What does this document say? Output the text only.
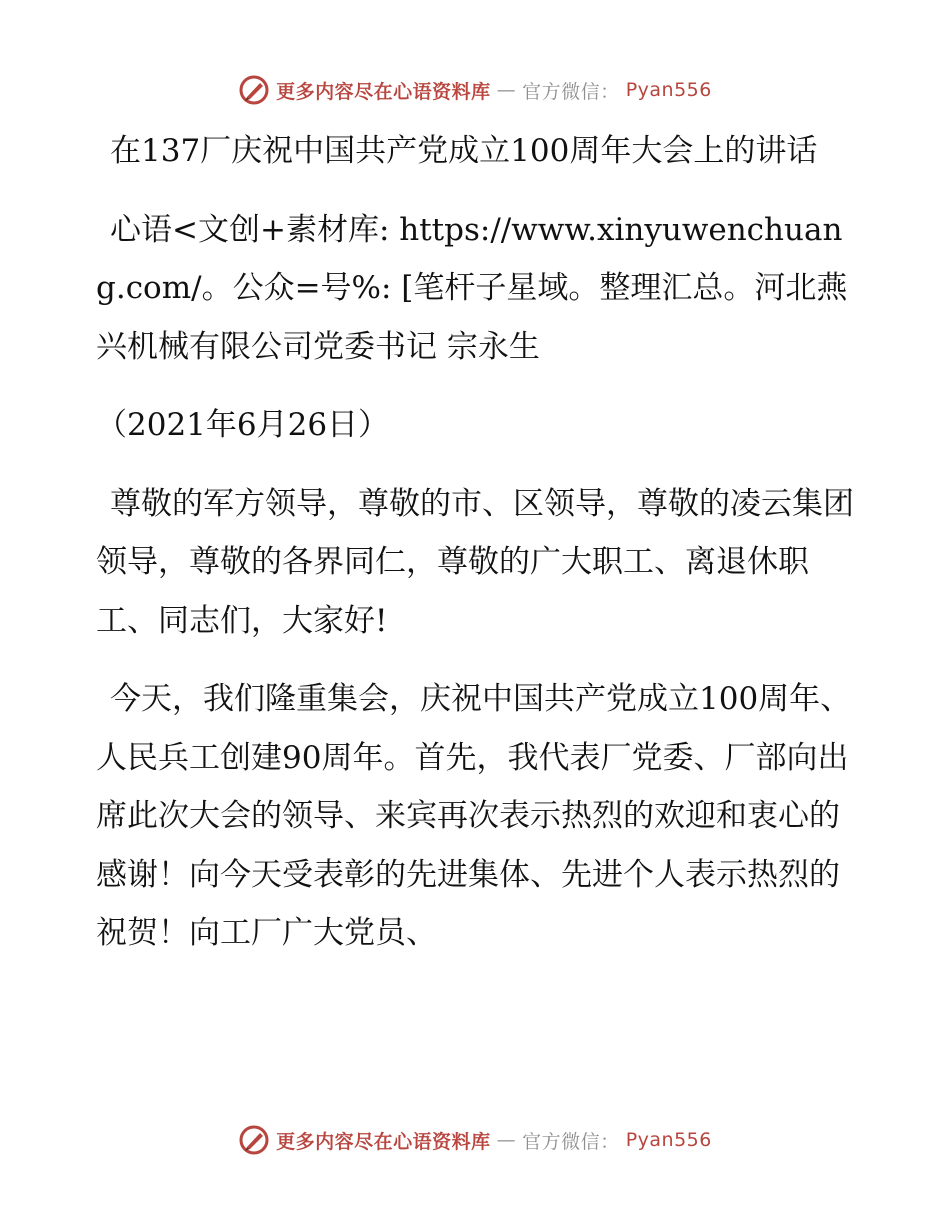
更多内容尽在心语资料库 — 官方微信： Pyan556

在137厂庆祝中国共产党成立100周年大会上的讲话

心语<文创+素材库: https://www.xinyuwenchuang.com/。公众=号%: [笔杆子星域。整理汇总。河北燕兴机械有限公司党委书记 宗永生

（2021年6月26日）

尊敬的军方领导，尊敬的市、区领导，尊敬的凌云集团领导，尊敬的各界同仁，尊敬的广大职工、离退休职工、同志们，大家好!

今天，我们隆重集会，庆祝中国共产党成立100周年、人民兵工创建90周年。首先，我代表厂党委、厂部向出席此次大会的领导、来宾再次表示热烈的欢迎和衷心的感谢！向今天受表彰的先进集体、先进个人表示热烈的祝贺！向工厂广大党员、

更多内容尽在心语资料库 — 官方微信： Pyan556
